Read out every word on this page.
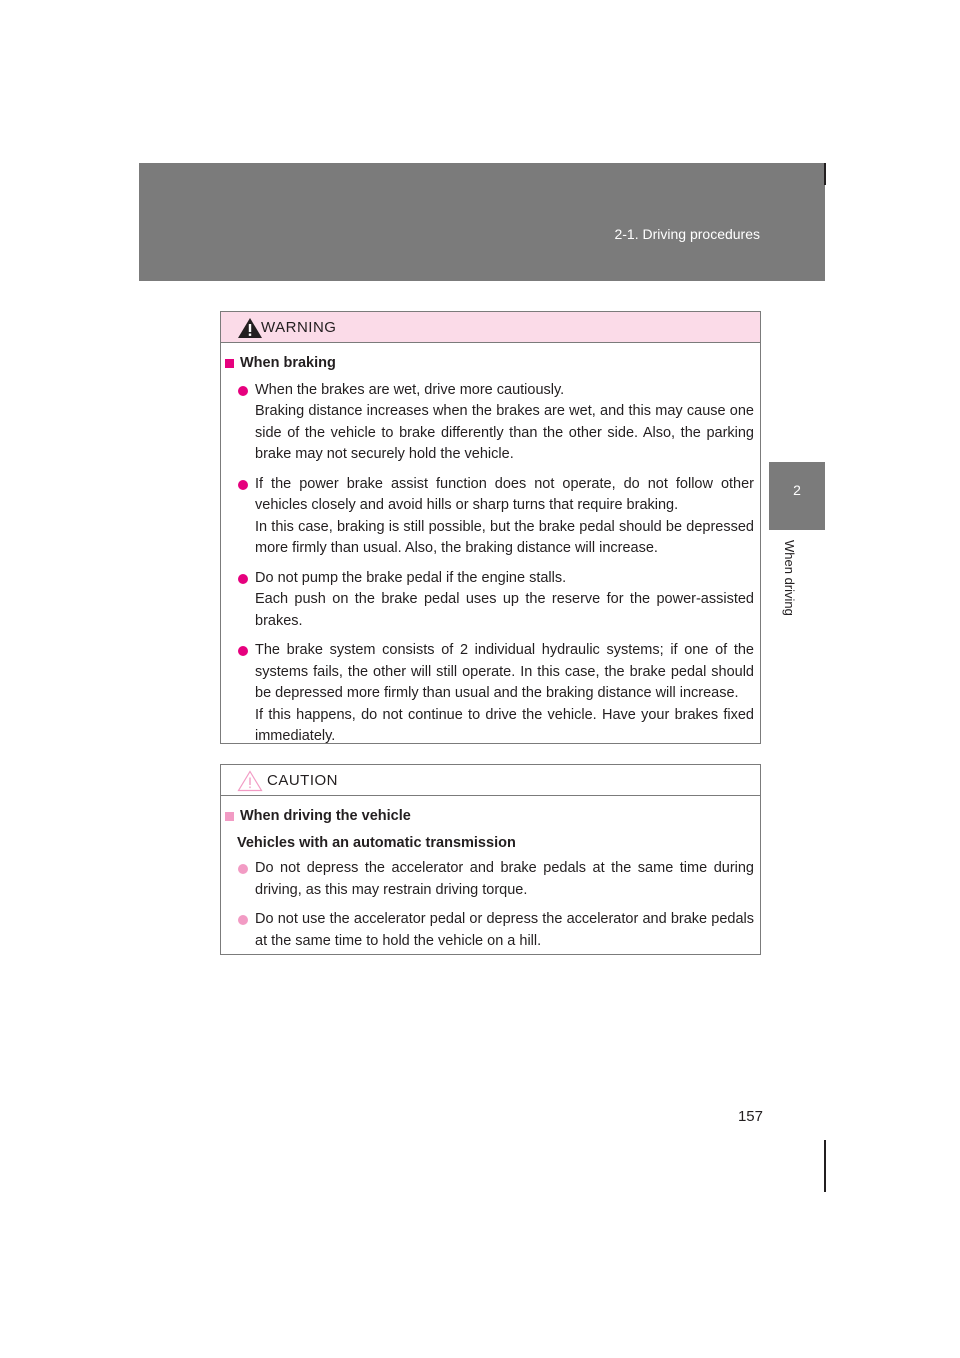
2-1. Driving procedures
2
When driving
WARNING
When braking

When the brakes are wet, drive more cautiously.

Braking distance increases when the brakes are wet, and this may cause one side of the vehicle to brake differently than the other side. Also, the parking brake may not securely hold the vehicle.

If the power brake assist function does not operate, do not follow other vehicles closely and avoid hills or sharp turns that require braking.

In this case, braking is still possible, but the brake pedal should be depressed more firmly than usual. Also, the braking distance will increase.

Do not pump the brake pedal if the engine stalls.

Each push on the brake pedal uses up the reserve for the power-assisted brakes.

The brake system consists of 2 individual hydraulic systems; if one of the systems fails, the other will still operate. In this case, the brake pedal should be depressed more firmly than usual and the braking distance will increase.

If this happens, do not continue to drive the vehicle. Have your brakes fixed immediately.

CAUTION
When driving the vehicle
Vehicles with an automatic transmission

Do not depress the accelerator and brake pedals at the same time during driving, as this may restrain driving torque.

Do not use the accelerator pedal or depress the accelerator and brake pedals at the same time to hold the vehicle on a hill.

157
